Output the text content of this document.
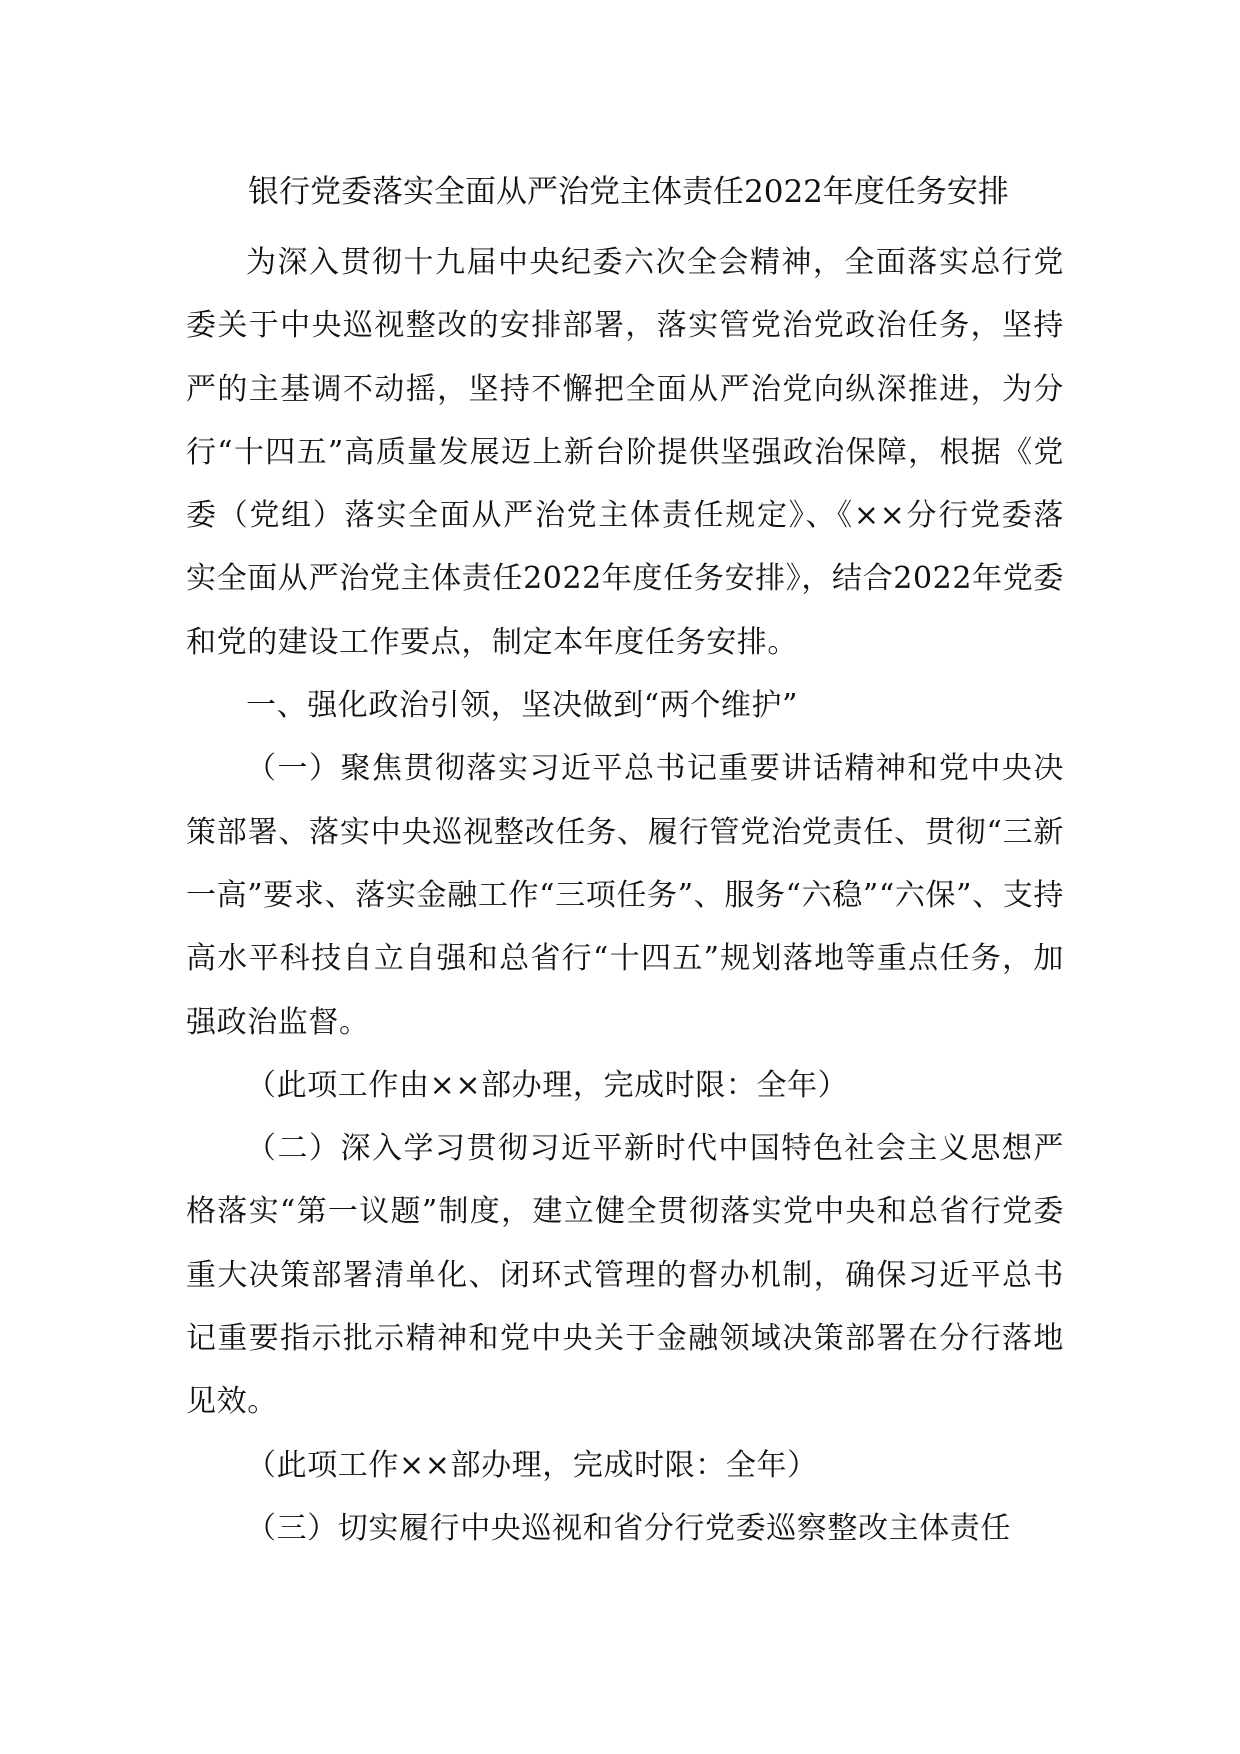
银行党委落实全面从严治党主体责任2022年度任务安排

为深入贯彻十九届中央纪委六次全会精神，全面落实总行党委关于中央巡视整改的安排部署，落实管党治党政治任务，坚持严的主基调不动摇，坚持不懈把全面从严治党向纵深推进，为分行“十四五”高质量发展迈上新台阶提供坚强政治保障，根据《党委（党组）落实全面从严治党主体责任规定》、《××分行党委落实全面从严治党主体责任2022年度任务安排》，结合2022年党委和党的建设工作要点，制定本年度任务安排。

一、强化政治引领，坚决做到“两个维护”

（一）聚焦贯彻落实习近平总书记重要讲话精神和党中央决策部署、落实中央巡视整改任务、履行管党治党责任、贯彻“三新一高”要求、落实金融工作“三项任务”、服务“六稳”“六保”、支持高水平科技自立自强和总省行“十四五”规划落地等重点任务，加强政治监督。

（此项工作由××部办理，完成时限：全年）

（二）深入学习贯彻习近平新时代中国特色社会主义思想严格落实“第一议题”制度，建立健全贯彻落实党中央和总省行党委重大决策部署清单化、闭环式管理的督办机制，确保习近平总书记重要指示批示精神和党中央关于金融领域决策部署在分行落地见效。

（此项工作××部办理，完成时限：全年）

（三）切实履行中央巡视和省分行党委巡察整改主体责任
